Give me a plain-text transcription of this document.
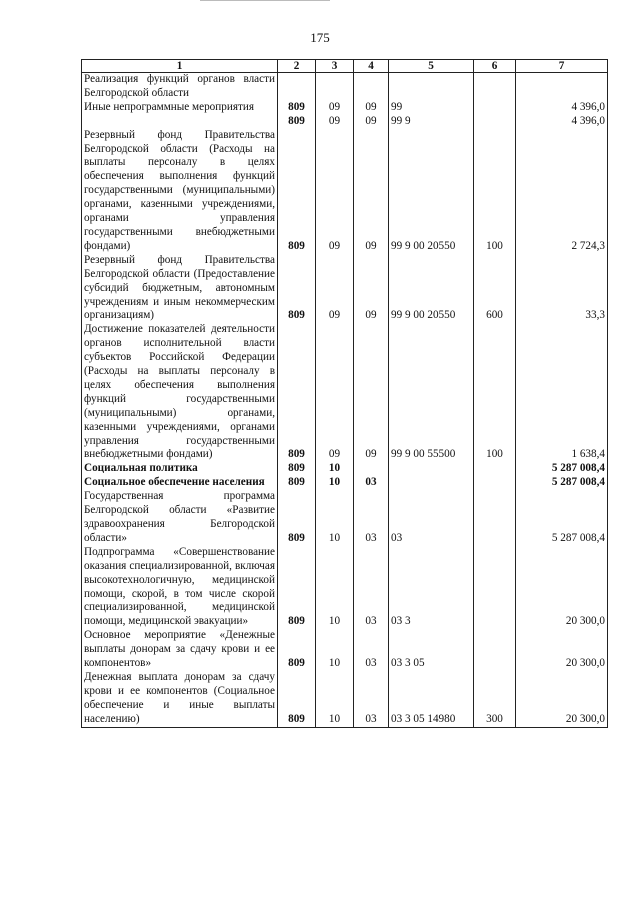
175
1	2	3	4	5	6	7
Реализация функций органов власти Белгородской области						
Иные непрограммные мероприятия	809	09	09	99		4 396,0
	809	09	09	99 9		4 396,0
Резервный фонд Правительства Белгородской области (Расходы на выплаты персоналу в целях обеспечения выполнения функций государственными (муниципальными) органами, казенными учреждениями, органами управления государственными внебюджетными фондами)	809	09	09	99 9 00 20550	100	2 724,3
Резервный фонд Правительства Белгородской области (Предоставление субсидий бюджетным, автономным учреждениям и иным некоммерческим организациям)	809	09	09	99 9 00 20550	600	33,3
Достижение показателей деятельности органов исполнительной власти субъектов Российской Федерации (Расходы на выплаты персоналу в целях обеспечения выполнения функций государственными (муниципальными) органами, казенными учреждениями, органами управления государственными внебюджетными фондами)	809	09	09	99 9 00 55500	100	1 638,4
Социальная политика	809	10				5 287 008,4
Социальное обеспечение населения	809	10	03			5 287 008,4
Государственная программа Белгородской области «Развитие здравоохранения Белгородской области»	809	10	03	03		5 287 008,4
Подпрограмма «Совершенствование оказания специализированной, включая высокотехнологичную, медицинской помощи, скорой, в том числе скорой специализированной, медицинской помощи, медицинской эвакуации»	809	10	03	03 3		20 300,0
Основное мероприятие «Денежные выплаты донорам за сдачу крови и ее компонентов»	809	10	03	03 3 05		20 300,0
Денежная выплата донорам за сдачу крови и ее компонентов (Социальное обеспечение и иные выплаты населению)	809	10	03	03 3 05 14980	300	20 300,0
